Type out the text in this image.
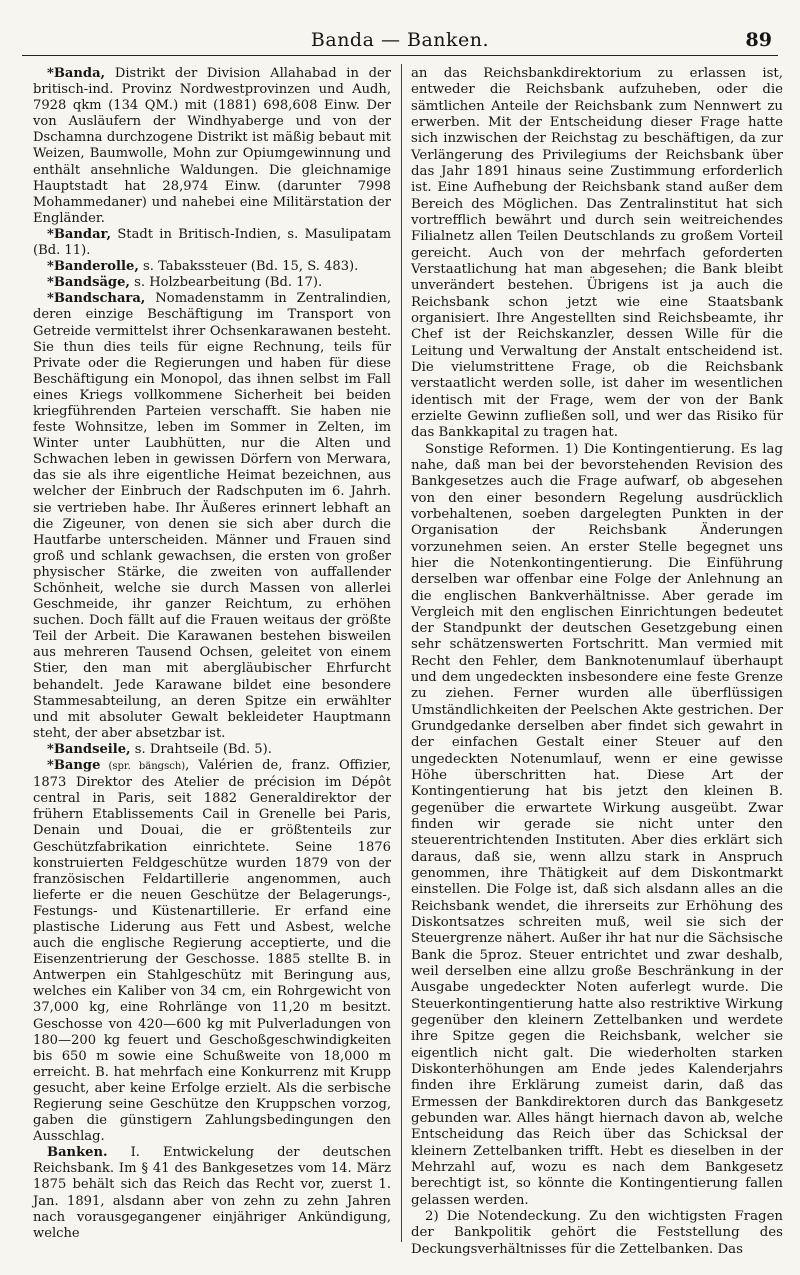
Banda — Banken.	89

*Banda, Distrikt der Division Allahabad in der britisch-ind. Provinz Nordwestprovinzen und Audh, 7928 qkm (134 QM.) mit (1881) 698,608 Einw. Der von Ausläufern der Windhyaberge und von der Dschamna durchzogene Distrikt ist mäßig bebaut mit Weizen, Baumwolle, Mohn zur Opiumgewinnung und enthält ansehnliche Waldungen. Die gleichnamige Hauptstadt hat 28,974 Einw. (darunter 7998 Mohammedaner) und nahebei eine Militärstation der Engländer.

*Bandar, Stadt in Britisch-Indien, s. Masulipatam (Bd. 11).

*Banderolle, s. Tabakssteuer (Bd. 15, S. 483).

*Bandsäge, s. Holzbearbeitung (Bd. 17).

*Bandschara, Nomadenstamm in Zentralindien, deren einzige Beschäftigung im Transport von Getreide vermittelst ihrer Ochsenkarawanen besteht. Sie thun dies teils für eigne Rechnung, teils für Private oder die Regierungen und haben für diese Beschäftigung ein Monopol, das ihnen selbst im Fall eines Kriegs vollkommene Sicherheit bei beiden kriegführenden Parteien verschafft. Sie haben nie feste Wohnsitze, leben im Sommer in Zelten, im Winter unter Laubhütten, nur die Alten und Schwachen leben in gewissen Dörfern von Merwara, das sie als ihre eigentliche Heimat bezeichnen, aus welcher der Einbruch der Radschputen im 6. Jahrh. sie vertrieben habe. Ihr Äußeres erinnert lebhaft an die Zigeuner, von denen sie sich aber durch die Hautfarbe unterscheiden. Männer und Frauen sind groß und schlank gewachsen, die ersten von großer physischer Stärke, die zweiten von auffallender Schönheit, welche sie durch Massen von allerlei Geschmeide, ihr ganzer Reichtum, zu erhöhen suchen. Doch fällt auf die Frauen weitaus der größte Teil der Arbeit. Die Karawanen bestehen bisweilen aus mehreren Tausend Ochsen, geleitet von einem Stier, den man mit abergläubischer Ehrfurcht behandelt. Jede Karawane bildet eine besondere Stammesabteilung, an deren Spitze ein erwählter und mit absoluter Gewalt bekleideter Hauptmann steht, der aber absetzbar ist.

*Bandseile, s. Drahtseile (Bd. 5).

*Bange (spr. bängsch), Valérien de, franz. Offizier, 1873 Direktor des Atelier de précision im Dépôt central in Paris, seit 1882 Generaldirektor der frühern Etablissements Cail in Grenelle bei Paris, Denain und Douai, die er größtenteils zur Geschützfabrikation einrichtete. Seine 1876 konstruierten Feldgeschütze wurden 1879 von der französischen Feldartillerie angenommen, auch lieferte er die neuen Geschütze der Belagerungs-, Festungs- und Küstenartillerie. Er erfand eine plastische Liderung aus Fett und Asbest, welche auch die englische Regierung acceptierte, und die Eisenzentrierung der Geschosse. 1885 stellte B. in Antwerpen ein Stahlgeschütz mit Beringung aus, welches ein Kaliber von 34 cm, ein Rohrgewicht von 37,000 kg, eine Rohrlänge von 11,20 m besitzt. Geschosse von 420—600 kg mit Pulverladungen von 180—200 kg feuert und Geschoßgeschwindigkeiten bis 650 m sowie eine Schußweite von 18,000 m erreicht. B. hat mehrfach eine Konkurrenz mit Krupp gesucht, aber keine Erfolge erzielt. Als die serbische Regierung seine Geschütze den Kruppschen vorzog, gaben die günstigern Zahlungsbedingungen den Ausschlag.

Banken. I. Entwickelung der deutschen Reichsbank. Im § 41 des Bankgesetzes vom 14. März 1875 behält sich das Reich das Recht vor, zuerst 1. Jan. 1891, alsdann aber von zehn zu zehn Jahren nach vorausgegangener einjähriger Ankündigung, welche

an das Reichsbankdirektorium zu erlassen ist, entweder die Reichsbank aufzuheben, oder die sämtlichen Anteile der Reichsbank zum Nennwert zu erwerben. Mit der Entscheidung dieser Frage hatte sich inzwischen der Reichstag zu beschäftigen, da zur Verlängerung des Privilegiums der Reichsbank über das Jahr 1891 hinaus seine Zustimmung erforderlich ist. Eine Aufhebung der Reichsbank stand außer dem Bereich des Möglichen. Das Zentralinstitut hat sich vortrefflich bewährt und durch sein weitreichendes Filialnetz allen Teilen Deutschlands zu großem Vorteil gereicht. Auch von der mehrfach geforderten Verstaatlichung hat man abgesehen; die Bank bleibt unverändert bestehen. Übrigens ist ja auch die Reichsbank schon jetzt wie eine Staatsbank organisiert. Ihre Angestellten sind Reichsbeamte, ihr Chef ist der Reichskanzler, dessen Wille für die Leitung und Verwaltung der Anstalt entscheidend ist. Die vielumstrittene Frage, ob die Reichsbank verstaatlicht werden solle, ist daher im wesentlichen identisch mit der Frage, wem der von der Bank erzielte Gewinn zufließen soll, und wer das Risiko für das Bankkapital zu tragen hat.

Sonstige Reformen. 1) Die Kontingentierung. Es lag nahe, daß man bei der bevorstehenden Revision des Bankgesetzes auch die Frage aufwarf, ob abgesehen von den einer besondern Regelung ausdrücklich vorbehaltenen, soeben dargelegten Punkten in der Organisation der Reichsbank Änderungen vorzunehmen seien. An erster Stelle begegnet uns hier die Notenkontingentierung. Die Einführung derselben war offenbar eine Folge der Anlehnung an die englischen Bankverhältnisse. Aber gerade im Vergleich mit den englischen Einrichtungen bedeutet der Standpunkt der deutschen Gesetzgebung einen sehr schätzenswerten Fortschritt. Man vermied mit Recht den Fehler, dem Banknotenumlauf überhaupt und dem ungedeckten insbesondere eine feste Grenze zu ziehen. Ferner wurden alle überflüssigen Umständlichkeiten der Peelschen Akte gestrichen. Der Grundgedanke derselben aber findet sich gewahrt in der einfachen Gestalt einer Steuer auf den ungedeckten Notenumlauf, wenn er eine gewisse Höhe überschritten hat. Diese Art der Kontingentierung hat bis jetzt den kleinen B. gegenüber die erwartete Wirkung ausgeübt. Zwar finden wir gerade sie nicht unter den steuerentrichtenden Instituten. Aber dies erklärt sich daraus, daß sie, wenn allzu stark in Anspruch genommen, ihre Thätigkeit auf dem Diskontmarkt einstellen. Die Folge ist, daß sich alsdann alles an die Reichsbank wendet, die ihrerseits zur Erhöhung des Diskontsatzes schreiten muß, weil sie sich der Steuergrenze nähert. Außer ihr hat nur die Sächsische Bank die 5proz. Steuer entrichtet und zwar deshalb, weil derselben eine allzu große Beschränkung in der Ausgabe ungedeckter Noten auferlegt wurde. Die Steuerkontingentierung hatte also restriktive Wirkung gegenüber den kleinern Zettelbanken und werdete ihre Spitze gegen die Reichsbank, welcher sie eigentlich nicht galt. Die wiederholten starken Diskonterhöhungen am Ende jedes Kalenderjahrs finden ihre Erklärung zumeist darin, daß das Ermessen der Bankdirektoren durch das Bankgesetz gebunden war. Alles hängt hiernach davon ab, welche Entscheidung das Reich über das Schicksal der kleinern Zettelbanken trifft. Hebt es dieselben in der Mehrzahl auf, wozu es nach dem Bankgesetz berechtigt ist, so könnte die Kontingentierung fallen gelassen werden.

2) Die Notendeckung. Zu den wichtigsten Fragen der Bankpolitik gehört die Feststellung des Deckungsverhältnisses für die Zettelbanken. Das
